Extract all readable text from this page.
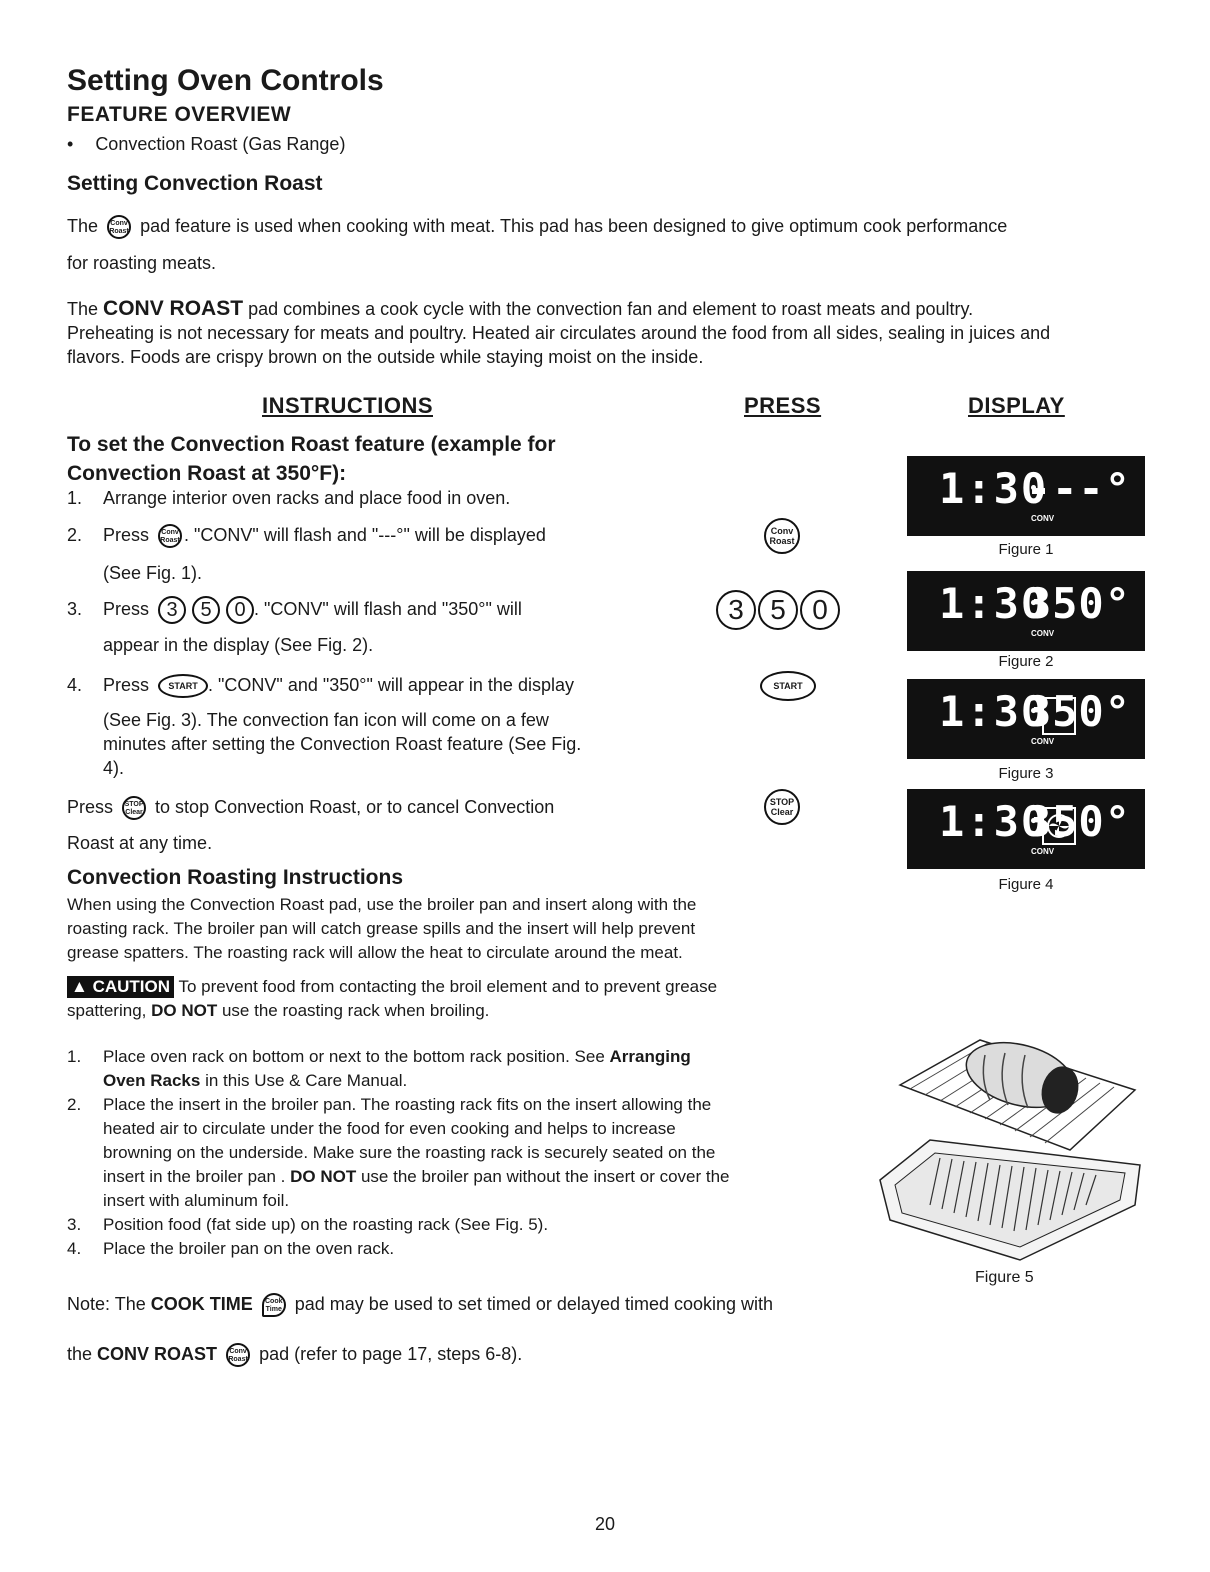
Setting Oven Controls
FEATURE OVERVIEW
• Convection Roast (Gas Range)
Setting Convection Roast
The Conv Roast pad feature is used when cooking with meat. This pad has been designed to give optimum cook performance
for roasting meats.
The CONV ROAST pad combines a cook cycle with the convection fan and element to roast meats and poultry.
Preheating is not necessary for meats and poultry. Heated air circulates around the food from all sides, sealing in juices and
flavors. Foods are crispy brown on the outside while staying moist on the inside.
INSTRUCTIONS	PRESS	DISPLAY
To set the Convection Roast feature (example for
Convection Roast at 350°F):
1. Arrange interior oven racks and place food in oven.
2. Press Conv Roast . "CONV" will flash and "---°" will be displayed
(See Fig. 1).
3. Press 3 5 0 . "CONV" will flash and "350°" will
appear in the display (See Fig. 2).
4. Press START . "CONV" and "350°" will appear in the display
(See Fig. 3). The convection fan icon will come on a few
minutes after setting the Convection Roast feature (See Fig.
4).
Press STOP Clear to stop Convection Roast, or to cancel Convection
Roast at any time.
Conv Roast
3 5 0
START
STOP Clear
1:30
---°
CONV
Figure 1
1:30
350°
CONV
Figure 2
1:30
350°
CONV
Figure 3
1:30
350°
CONV
Figure 4
Convection Roasting Instructions
When using the Convection Roast pad, use the broiler pan and insert along with the
roasting rack. The broiler pan will catch grease spills and the insert will help prevent
grease spatters. The roasting rack will allow the heat to circulate around the meat.
▲ CAUTION To prevent food from contacting the broil element and to prevent grease
spattering, DO NOT use the roasting rack when broiling.
1. Place oven rack on bottom or next to the bottom rack position. See Arranging
Oven Racks in this Use & Care Manual.
2. Place the insert in the broiler pan. The roasting rack fits on the insert allowing the
heated air to circulate under the food for even cooking and helps to increase
browning on the underside. Make sure the roasting rack is securely seated on the
insert in the broiler pan . DO NOT use the broiler pan without the insert or cover the
insert with aluminum foil.
3. Position food (fat side up) on the roasting rack (See Fig. 5).
4. Place the broiler pan on the oven rack.
Figure 5
Note: The COOK TIME Cook Time pad may be used to set timed or delayed timed cooking with
the CONV ROAST Conv Roast pad (refer to page 17, steps 6-8).
20
